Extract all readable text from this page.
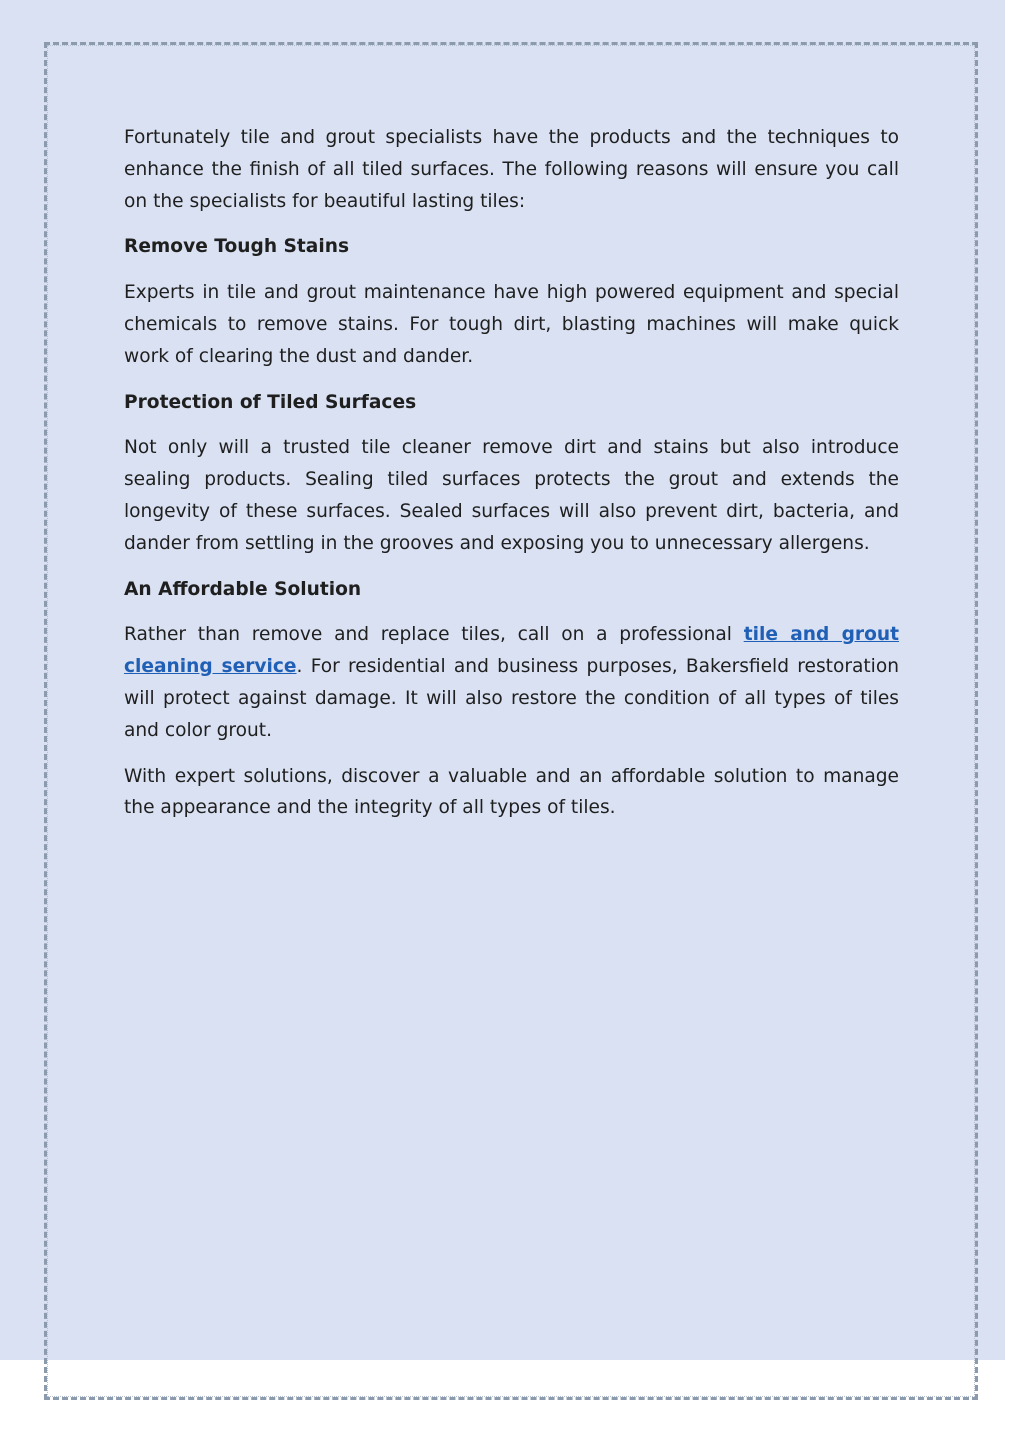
Fortunately tile and grout specialists have the products and the techniques to enhance the finish of all tiled surfaces. The following reasons will ensure you call on the specialists for beautiful lasting tiles:

Remove Tough Stains

Experts in tile and grout maintenance have high powered equipment and special chemicals to remove stains. For tough dirt, blasting machines will make quick work of clearing the dust and dander.

Protection of Tiled Surfaces

Not only will a trusted tile cleaner remove dirt and stains but also introduce sealing products. Sealing tiled surfaces protects the grout and extends the longevity of these surfaces. Sealed surfaces will also prevent dirt, bacteria, and dander from settling in the grooves and exposing you to unnecessary allergens.

An Affordable Solution

Rather than remove and replace tiles, call on a professional tile and grout cleaning service. For residential and business purposes, Bakersfield restoration will protect against damage. It will also restore the condition of all types of tiles and color grout.

With expert solutions, discover a valuable and an affordable solution to manage the appearance and the integrity of all types of tiles.
